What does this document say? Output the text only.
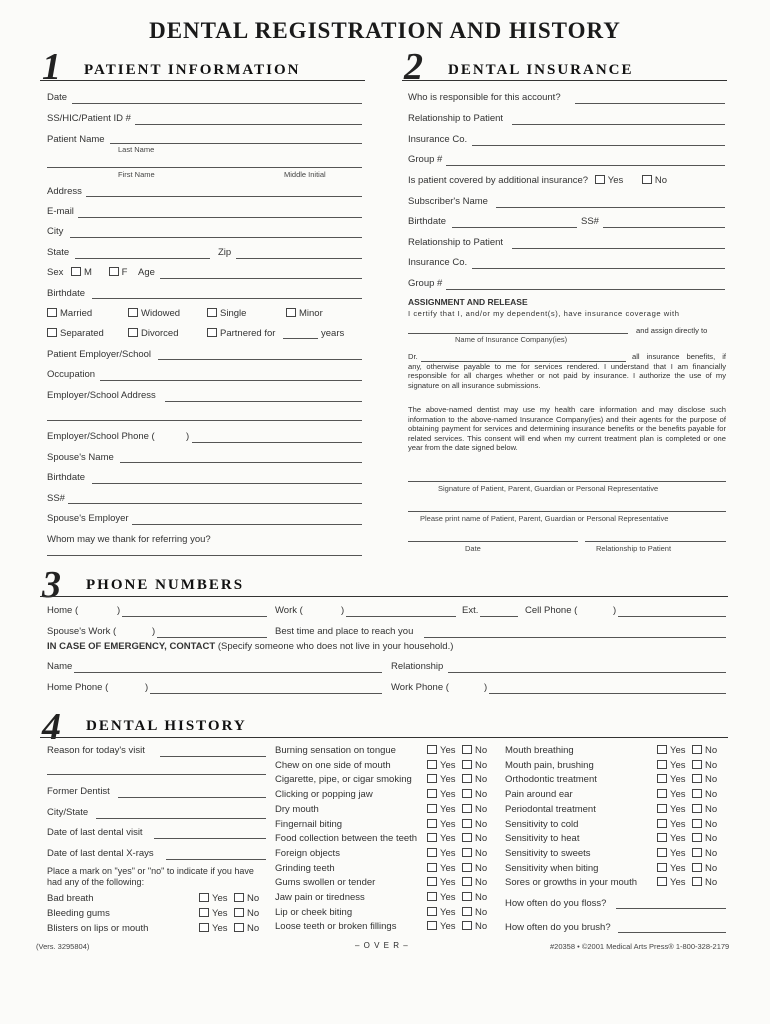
DENTAL REGISTRATION AND HISTORY
1 PATIENT INFORMATION	2 DENTAL INSURANCE
Date
SS/HIC/Patient ID #
Patient Name
Last Name
First Name	Middle Initial
Address
E-mail
City
State	Zip
Sex M	F Age
Birthdate
Married	Widowed	Single	Minor
Separated	Divorced	Partnered for	years
Patient Employer/School
Occupation
Employer/School Address
Employer/School Phone (	)
Spouse's Name
Birthdate
SS#
Spouse's Employer
Whom may we thank for referring you?
Who is responsible for this account?
Relationship to Patient
Insurance Co.
Group #
Is patient covered by additional insurance? Yes	No
Subscriber's Name
Birthdate	SS#
Relationship to Patient
Insurance Co.
Group #
ASSIGNMENT AND RELEASE
I certify that I, and/or my dependent(s), have insurance coverage with
and assign directly to
Name of Insurance Company(ies)
Dr.	all insurance benefits, if any, otherwise payable to me for services rendered. I understand that I am financially responsible for all charges whether or not paid by insurance. I authorize the use of my signature on all insurance submissions.
The above-named dentist may use my health care information and may disclose such information to the above-named Insurance Company(ies) and their agents for the purpose of obtaining payment for services and determining insurance benefits or the benefits payable for related services. This consent will end when my current treatment plan is completed or one year from the date signed below.
Signature of Patient, Parent, Guardian or Personal Representative
Please print name of Patient, Parent, Guardian or Personal Representative
Date	Relationship to Patient
3 PHONE NUMBERS
Home (	)	Work (	)	Ext.	Cell Phone (	)
Spouse's Work (	)	Best time and place to reach you
IN CASE OF EMERGENCY, CONTACT (Specify someone who does not live in your household.)
Name	Relationship
Home Phone (	)	Work Phone (	)
4 DENTAL HISTORY
Reason for today's visit
Former Dentist
City/State
Date of last dental visit
Date of last dental X-rays
Place a mark on "yes" or "no" to indicate if you have had any of the following:
Bad breath	Yes No
Bleeding gums	Yes No
Blisters on lips or mouth	Yes No
Burning sensation on tongue	Yes No
Chew on one side of mouth	Yes No
Cigarette, pipe, or cigar smoking	Yes No
Clicking or popping jaw	Yes No
Dry mouth	Yes No
Fingernail biting	Yes No
Food collection between the teeth Yes No
Foreign objects	Yes No
Grinding teeth	Yes No
Gums swollen or tender	Yes No
Jaw pain or tiredness	Yes No
Lip or cheek biting	Yes No
Loose teeth or broken fillings	Yes No
Mouth breathing	Yes No
Mouth pain, brushing	Yes No
Orthodontic treatment	Yes No
Pain around ear	Yes No
Periodontal treatment	Yes No
Sensitivity to cold	Yes No
Sensitivity to heat	Yes No
Sensitivity to sweets	Yes No
Sensitivity when biting	Yes No
Sores or growths in your mouth	Yes No
How often do you floss?
How often do you brush?
(Vers. 3295804)	– O V E R –	#20358 • ©2001 Medical Arts Press® 1-800-328-2179
